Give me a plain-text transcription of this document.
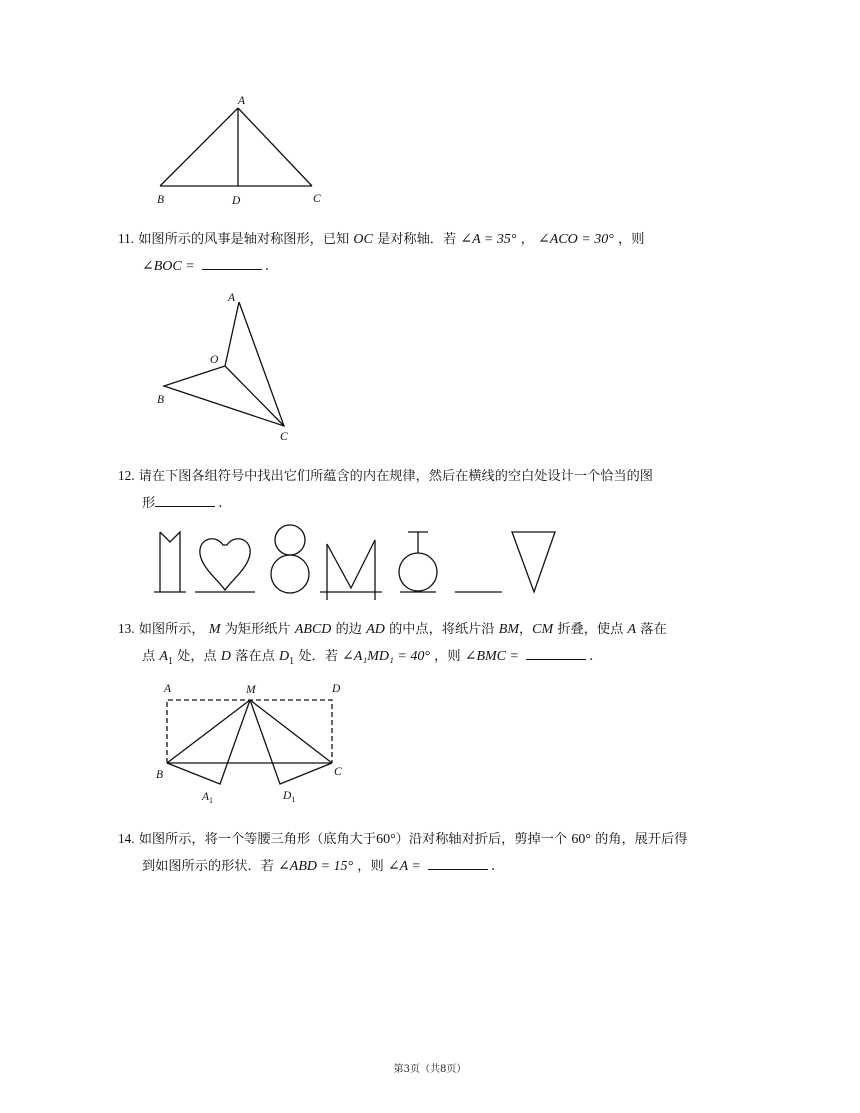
A
B	D	C
11. 如图所示的风事是轴对称图形，已知 OC 是对称轴．若 ∠A = 35° ， ∠ACO = 30° ，则
∠BOC =	.
A
O
B
C
12. 请在下图各组符号中找出它们所蕴含的内在规律，然后在横线的空白处设计一个恰当的图
形	.
13. 如图所示， M 为矩形纸片 ABCD 的边 AD 的中点，将纸片沿 BM，CM 折叠，使点 A 落在
点 $A_1$ 处，点 D 落在点 $D_1$ 处．若 ∠A₁MD₁ = 40° ，则 ∠BMC =	.
A	M	D
B	C
$A_1$	$D_1$
14. 如图所示，将一个等腰三角形（底角大于60°）沿对称轴对折后，剪掉一个 60° 的角，展开后得
到如图所示的形状．若 ∠ABD = 15° ，则 ∠A =	.
第3页（共8页）
